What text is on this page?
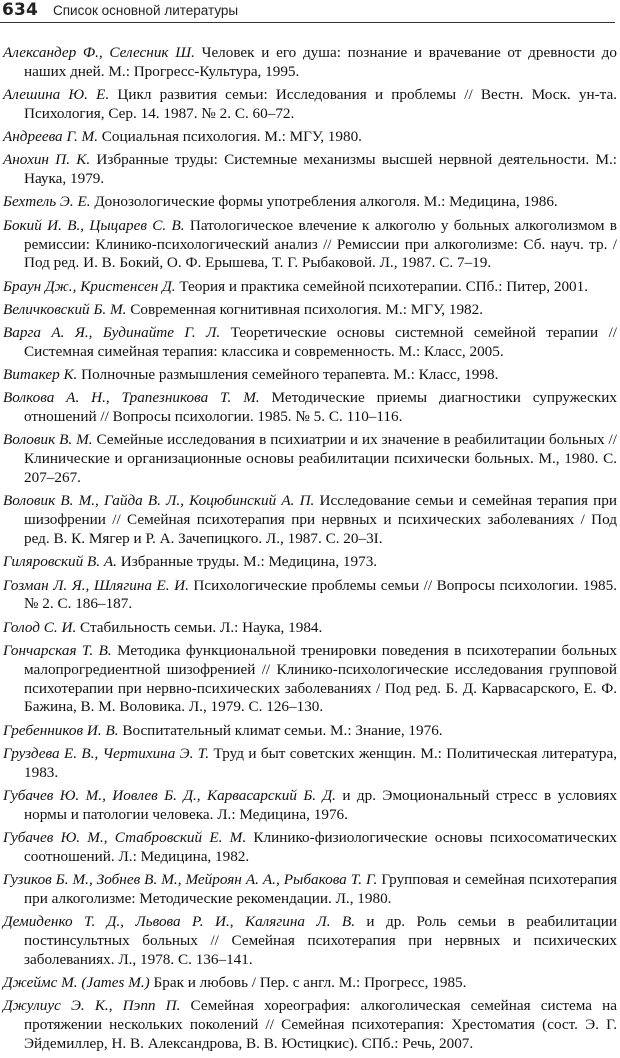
634 Список основной литературы

Александер Ф., Селесник Ш. Человек и его душа: познание и врачевание от древности до наших дней. М.: Прогресс-Культура, 1995.

Алешина Ю. Е. Цикл развития семьи: Исследования и проблемы // Вестн. Моск. ун-та. Психология, Сер. 14. 1987. № 2. С. 60–72.

Андреева Г. М. Социальная психология. М.: МГУ, 1980.

Анохин П. К. Избранные труды: Системные механизмы высшей нервной деятельности. М.: Наука, 1979.

Бехтель Э. Е. Донозологические формы употребления алкоголя. М.: Медицина, 1986.

Бокий И. В., Цыцарев С. В. Патологическое влечение к алкоголю у больных алкоголизмом в ремиссии: Клинико-психологический анализ // Ремиссии при алкоголизме: Сб. науч. тр. / Под ред. И. В. Бокий, О. Ф. Ерышева, Т. Г. Рыбаковой. Л., 1987. С. 7–19.

Браун Дж., Кристенсен Д. Теория и практика семейной психотерапии. СПб.: Питер, 2001.

Величковский Б. М. Современная когнитивная психология. М.: МГУ, 1982.

Варга А. Я., Будинайте Г. Л. Теоретические основы системной семейной терапии // Системная симейная терапия: классика и современность. М.: Класс, 2005.

Витакер К. Полночные размышления семейного терапевта. М.: Класс, 1998.

Волкова А. Н., Трапезникова Т. М. Методические приемы диагностики супружеских отношений // Вопросы психологии. 1985. № 5. С. 110–116.

Воловик В. М. Семейные исследования в психиатрии и их значение в реабилитации больных // Клинические и организационные основы реабилитации психически больных. М., 1980. С. 207–267.

Воловик В. М., Гайда В. Л., Коцюбинский А. П. Исследование семьи и семейная терапия при шизофрении // Семейная психотерапия при нервных и психических заболеваниях / Под ред. В. К. Мягер и Р. А. Зачепицкого. Л., 1987. С. 20–3I.

Гиляровский В. А. Избранные труды. М.: Медицина, 1973.

Гозман Л. Я., Шлягина Е. И. Психологические проблемы семьи // Вопросы психологии. 1985. № 2. С. 186–187.

Голод С. И. Стабильность семьи. Л.: Наука, 1984.

Гончарская Т. В. Методика функциональной тренировки поведения в психотерапии больных малопрогредиентной шизофренией // Клинико-психологические исследования групповой психотерапии при нервно-психических заболеваниях / Под ред. Б. Д. Карвасарского, Е. Ф. Бажина, В. М. Воловика. Л., 1979. С. 126–130.

Гребенников И. В. Воспитательный климат семьи. М.: Знание, 1976.

Груздева Е. В., Чертихина Э. Т. Труд и быт советских женщин. М.: Политическая литература, 1983.

Губачев Ю. М., Иовлев Б. Д., Карвасарский Б. Д. и др. Эмоциональный стресс в условиях нормы и патологии человека. Л.: Медицина, 1976.

Губачев Ю. М., Стабровский Е. М. Клинико-физиологические основы психосоматических соотношений. Л.: Медицина, 1982.

Гузиков Б. М., Зобнев В. М., Мейроян А. А., Рыбакова Т. Г. Групповая и семейная психотерапия при алкоголизме: Методические рекомендации. Л., 1980.

Демиденко Т. Д., Львова Р. И., Калягина Л. В. и др. Роль семьи в реабилитации постинсультных больных // Семейная психотерапия при нервных и психических заболеваниях. Л., 1978. С. 136–141.

Джеймс М. (James M.) Брак и любовь / Пер. с англ. М.: Прогресс, 1985.

Джулиус Э. К., Пэпп П. Семейная хореография: алкоголическая семейная система на протяжении нескольких поколений // Семейная психотерапия: Хрестоматия (сост. Э. Г. Эйдемиллер, Н. В. Александрова, В. В. Юстицкис). СПб.: Речь, 2007.
